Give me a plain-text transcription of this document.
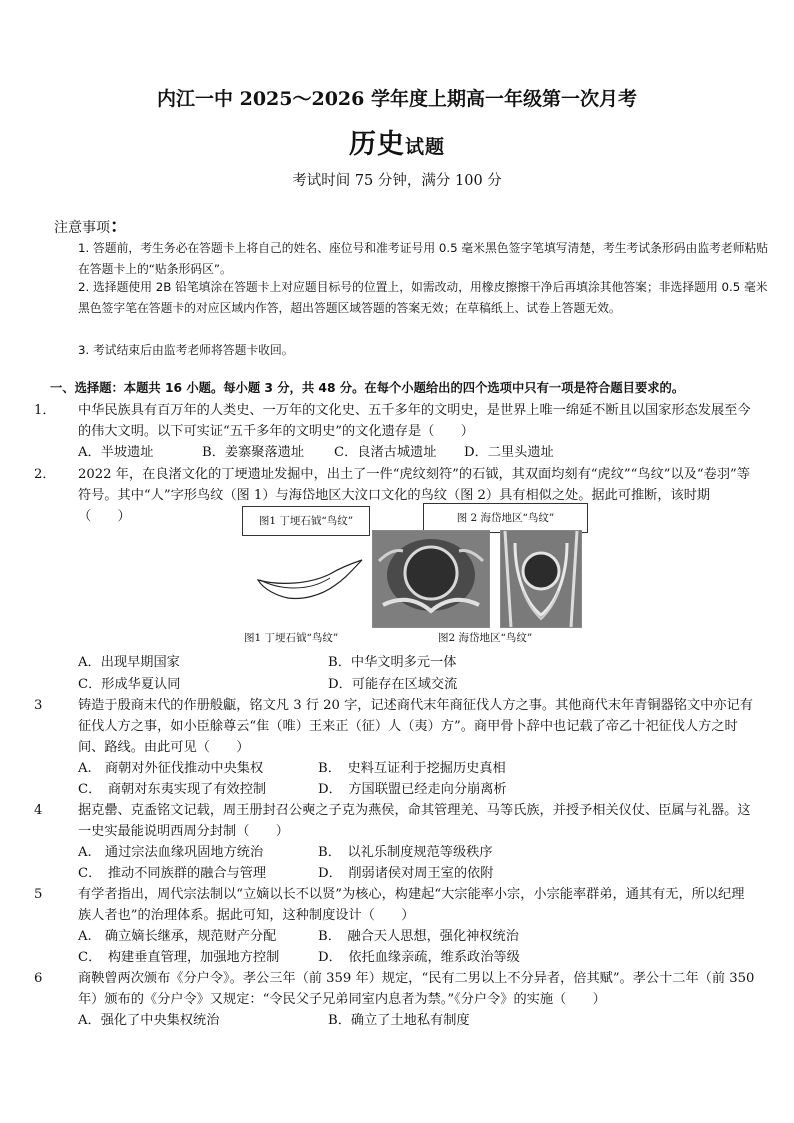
内江一中 2025～2026 学年度上期高一年级第一次月考
历史试题
考试时间 75 分钟，满分 100 分
注意事项：
1. 答题前，考生务必在答题卡上将自己的姓名、座位号和准考证号用 0.5 毫米黑色签字笔填写清楚，考生考试条形码由监考老师粘贴在答题卡上的“贴条形码区”。
2. 选择题使用 2B 铅笔填涂在答题卡上对应题目标号的位置上，如需改动，用橡皮擦擦干净后再填涂其他答案；非选择题用 0.5 毫米黑色签字笔在答题卡的对应区域内作答，超出答题区域答题的答案无效；在草稿纸上、试卷上答题无效。
3. 考试结束后由监考老师将答题卡收回。
一、选择题：本题共 16 小题。每小题 3 分，共 48 分。在每个小题给出的四个选项中只有一项是符合题目要求的。
1． 中华民族具有百万年的人类史、一万年的文化史、五千多年的文明史，是世界上唯一绵延不断且以国家形态发展至今的伟大文明。以下可实证“五千多年的文明史”的文化遗存是（　　）
A．半坡遗址	B．姜寨聚落遗址 C．良渚古城遗址 D．二里头遗址
2． 2022 年，在良渚文化的丁埂遗址发掘中，出土了一件“虎纹刻符”的石钺，其双面均刻有“虎纹”“鸟纹”以及“卷羽”等符号。其中“人”字形鸟纹（图 1）与海岱地区大汶口文化的鸟纹（图 2）具有相似之处。据此可推断，该时期（　　）	图1 丁埂石钺“鸟纹”	图 2 海岱地区“鸟纹”
图1 丁埂石钺“鸟纹”	图2 海岱地区“鸟纹”
A．出现早期国家	B．中华文明多元一体
C．形成华夏认同	D．可能存在区域交流
3	铸造于殷商末代的作册般甗，铭文凡 3 行 20 字，记述商代末年商征伐人方之事。其他商代末年青铜器铭文中亦记有征伐人方之事，如小臣艅尊云“隹（唯）王来正（征）人（夷）方”。商甲骨卜辞中也记载了帝乙十祀征伐人方之时间、路线。由此可见（　　）
A.　商朝对外征伐推动中央集权	B．　史料互证利于挖掘历史真相
C．　商朝对东夷实现了有效控制	D．　方国联盟已经走向分崩离析
4	据克罍、克盉铭文记载，周王册封召公奭之子克为燕侯，命其管理羌、马等氏族，并授予相关仪仗、臣属与礼器。这一史实最能说明西周分封制（　　）
A.　通过宗法血缘巩固地方统治	B．　以礼乐制度规范等级秩序
C．　推动不同族群的融合与管理	D．　削弱诸侯对周王室的依附
5	有学者指出，周代宗法制以“立嫡以长不以贤”为核心，构建起“大宗能率小宗，小宗能率群弟，通其有无，所以纪理族人者也”的治理体系。据此可知，这种制度设计（　　）
A.　确立嫡长继承，规范财产分配	B．　融合天人思想，强化神权统治
C．　构建垂直管理，加强地方控制	D．　依托血缘亲疏，维系政治等级
6	商鞅曾两次颁布《分户令》。孝公三年（前 359 年）规定，“民有二男以上不分异者，倍其赋”。孝公十二年（前 350 年）颁布的《分户令》又规定：“令民父子兄弟同室内息者为禁。”《分户令》的实施（　　）
A．强化了中央集权统治	B．确立了土地私有制度
